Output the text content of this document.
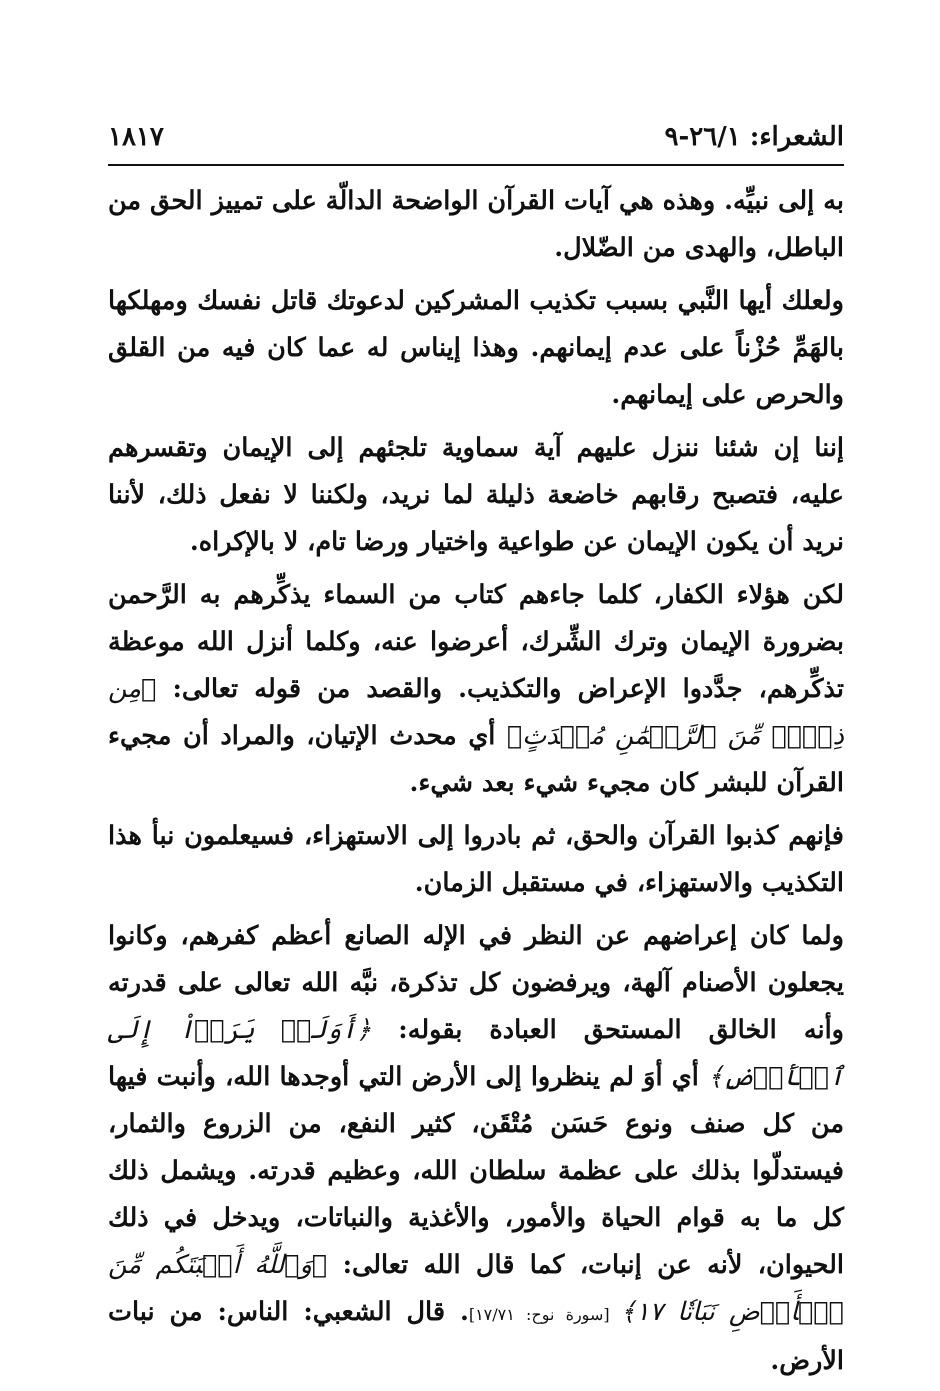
الشعراء: ٢٦/١-٩
١٨١٧

به إلى نبيِّه. وهذه هي آيات القرآن الواضحة الدالّة على تمييز الحق من الباطل، والهدى من الضّلال.

ولعلك أيها النَّبي بسبب تكذيب المشركين لدعوتك قاتل نفسك ومهلكها بالهَمِّ حُزْناً على عدم إيمانهم. وهذا إيناس له عما كان فيه من القلق والحرص على إيمانهم.

إننا إن شئنا ننزل عليهم آية سماوية تلجئهم إلى الإيمان وتقسرهم عليه، فتصبح رقابهم خاضعة ذليلة لما نريد، ولكننا لا نفعل ذلك، لأننا نريد أن يكون الإيمان عن طواعية واختيار ورضا تام، لا بالإكراه.

لكن هؤلاء الكفار، كلما جاءهم كتاب من السماء يذكِّرهم به الرَّحمن بضرورة الإيمان وترك الشِّرك، أعرضوا عنه، وكلما أنزل الله موعظة تذكِّرهم، جدَّدوا الإعراض والتكذيب. والقصد من قوله تعالى: ﴿مِن ذِكۡرٖ مِّنَ ٱلرَّحۡمَٰنِ مُحۡدَثٍ﴾ أي محدث الإتيان، والمراد أن مجيء القرآن للبشر كان مجيء شيء بعد شيء.

فإنهم كذبوا القرآن والحق، ثم بادروا إلى الاستهزاء، فسيعلمون نبأ هذا التكذيب والاستهزاء، في مستقبل الزمان.

ولما كان إعراضهم عن النظر في الإله الصانع أعظم كفرهم، وكانوا يجعلون الأصنام آلهة، ويرفضون كل تذكرة، نبَّه الله تعالى على قدرته وأنه الخالق المستحق العبادة بقوله: ﴿أَوَلَمۡ يَرَوۡاْ إِلَى ٱلۡأَرۡضِ﴾ أي أوَ لم ينظروا إلى الأرض التي أوجدها الله، وأنبت فيها من كل صنف ونوع حَسَن مُتْقَن، كثير النفع، من الزروع والثمار، فيستدلّوا بذلك على عظمة سلطان الله، وعظيم قدرته. ويشمل ذلك كل ما به قوام الحياة والأمور، والأغذية والنباتات، ويدخل في ذلك الحيوان، لأنه عن إنبات، كما قال الله تعالى: ﴿وَٱللَّهُ أَنۢبَتَكُم مِّنَ ٱلۡأَرۡضِ نَبَاتٗا ١٧﴾ [سورة نوح: ١٧/٧١]. قال الشعبي: الناس: من نبات الأرض.
